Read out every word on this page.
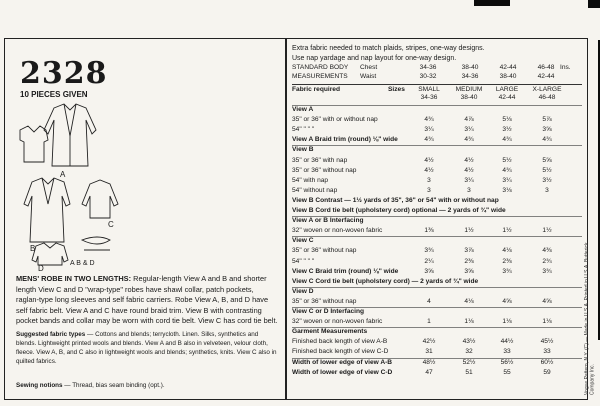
2328
10 PIECES GIVEN
A
B
C
D
A B & D
MENS' ROBE IN TWO LENGTHS: Regular-length View A and B and shorter length View C and D "wrap-type" robes have shawl collar, patch pockets, raglan-type long sleeves and self fabric carriers. Robe View A, B, and D have self fabric belt. View A and C have round braid trim. View B with contrasting pocket bands and collar may be worn with cord tie belt. View C has cord tie belt.
Suggested fabric types — Cottons and blends; terrycloth. Linen. Silks, synthetics and blends. Lightweight printed wools and blends. View A and B also in velveteen, velour cloth, fleece. View A, B, and C also in lightweight wools and blends; synthetics, knits. View C also in quilted fabrics.
Sewing notions — Thread, bias seam binding (opt.).
Extra fabric needed to match plaids, stripes, one-way designs.
Use nap yardage and nap layout for one-way design.
STANDARD BODY Chest	34-36	38-40	42-44	46-48 Ins.
MEASUREMENTS Waist	30-32	34-36	38-40	42-44
Fabric required	Sizes	SMALL	MEDIUM	LARGE	X-LARGE
34-36	38-40	42-44	46-48
View A
35" or 36" with or without nap	4¾	4⅞	5⅛	5⅞
54" " " "	3¼	3¼	3½	3⅝
View A Braid trim (round) ⅛" wide	4¾	4¾	4¾	4¾
View B
35" or 36" with nap	4½	4½	5½	5⅝
35" or 36" without nap	4½	4½	4¾	5½
54" with nap	3	3¼	3¼	3½
54" without nap	3	3	3⅛	3
View B Contrast — 1½ yards of 35", 36" or 54" with or without nap
View B Cord tie belt (upholstery cord) optional — 2 yards of ¾" wide
View A or B Interfacing
32" woven or non-woven fabric	1⅜	1½	1½	1½
View C
35" or 36" without nap	3¾	3⅞	4⅛	4⅜
54" " " "	2¼	2⅜	2⅜	2¾
View C Braid trim (round) ⅛" wide	3⅝	3⅝	3¾	3¾
View C Cord tie belt (upholstery cord) — 2 yards of ¾" wide
View D
35" or 36" without nap	4	4⅛	4⅝	4⅝
View C or D Interfacing
32" woven or non-woven fabric	1	1⅛	1⅛	1⅛
Garment Measurements
Finished back length of view A-B	42½	43½	44½	45½
Finished back length of view C-D	31	32	33	33
Width of lower edge of view A-B	48½	52½	56½	60½
Width of lower edge of view C-D	47	51	55	59	Vogue Pattern, N.Y. (C) — Made in U.S.A. Printed in U.S.A. Butterick Company Inc.
